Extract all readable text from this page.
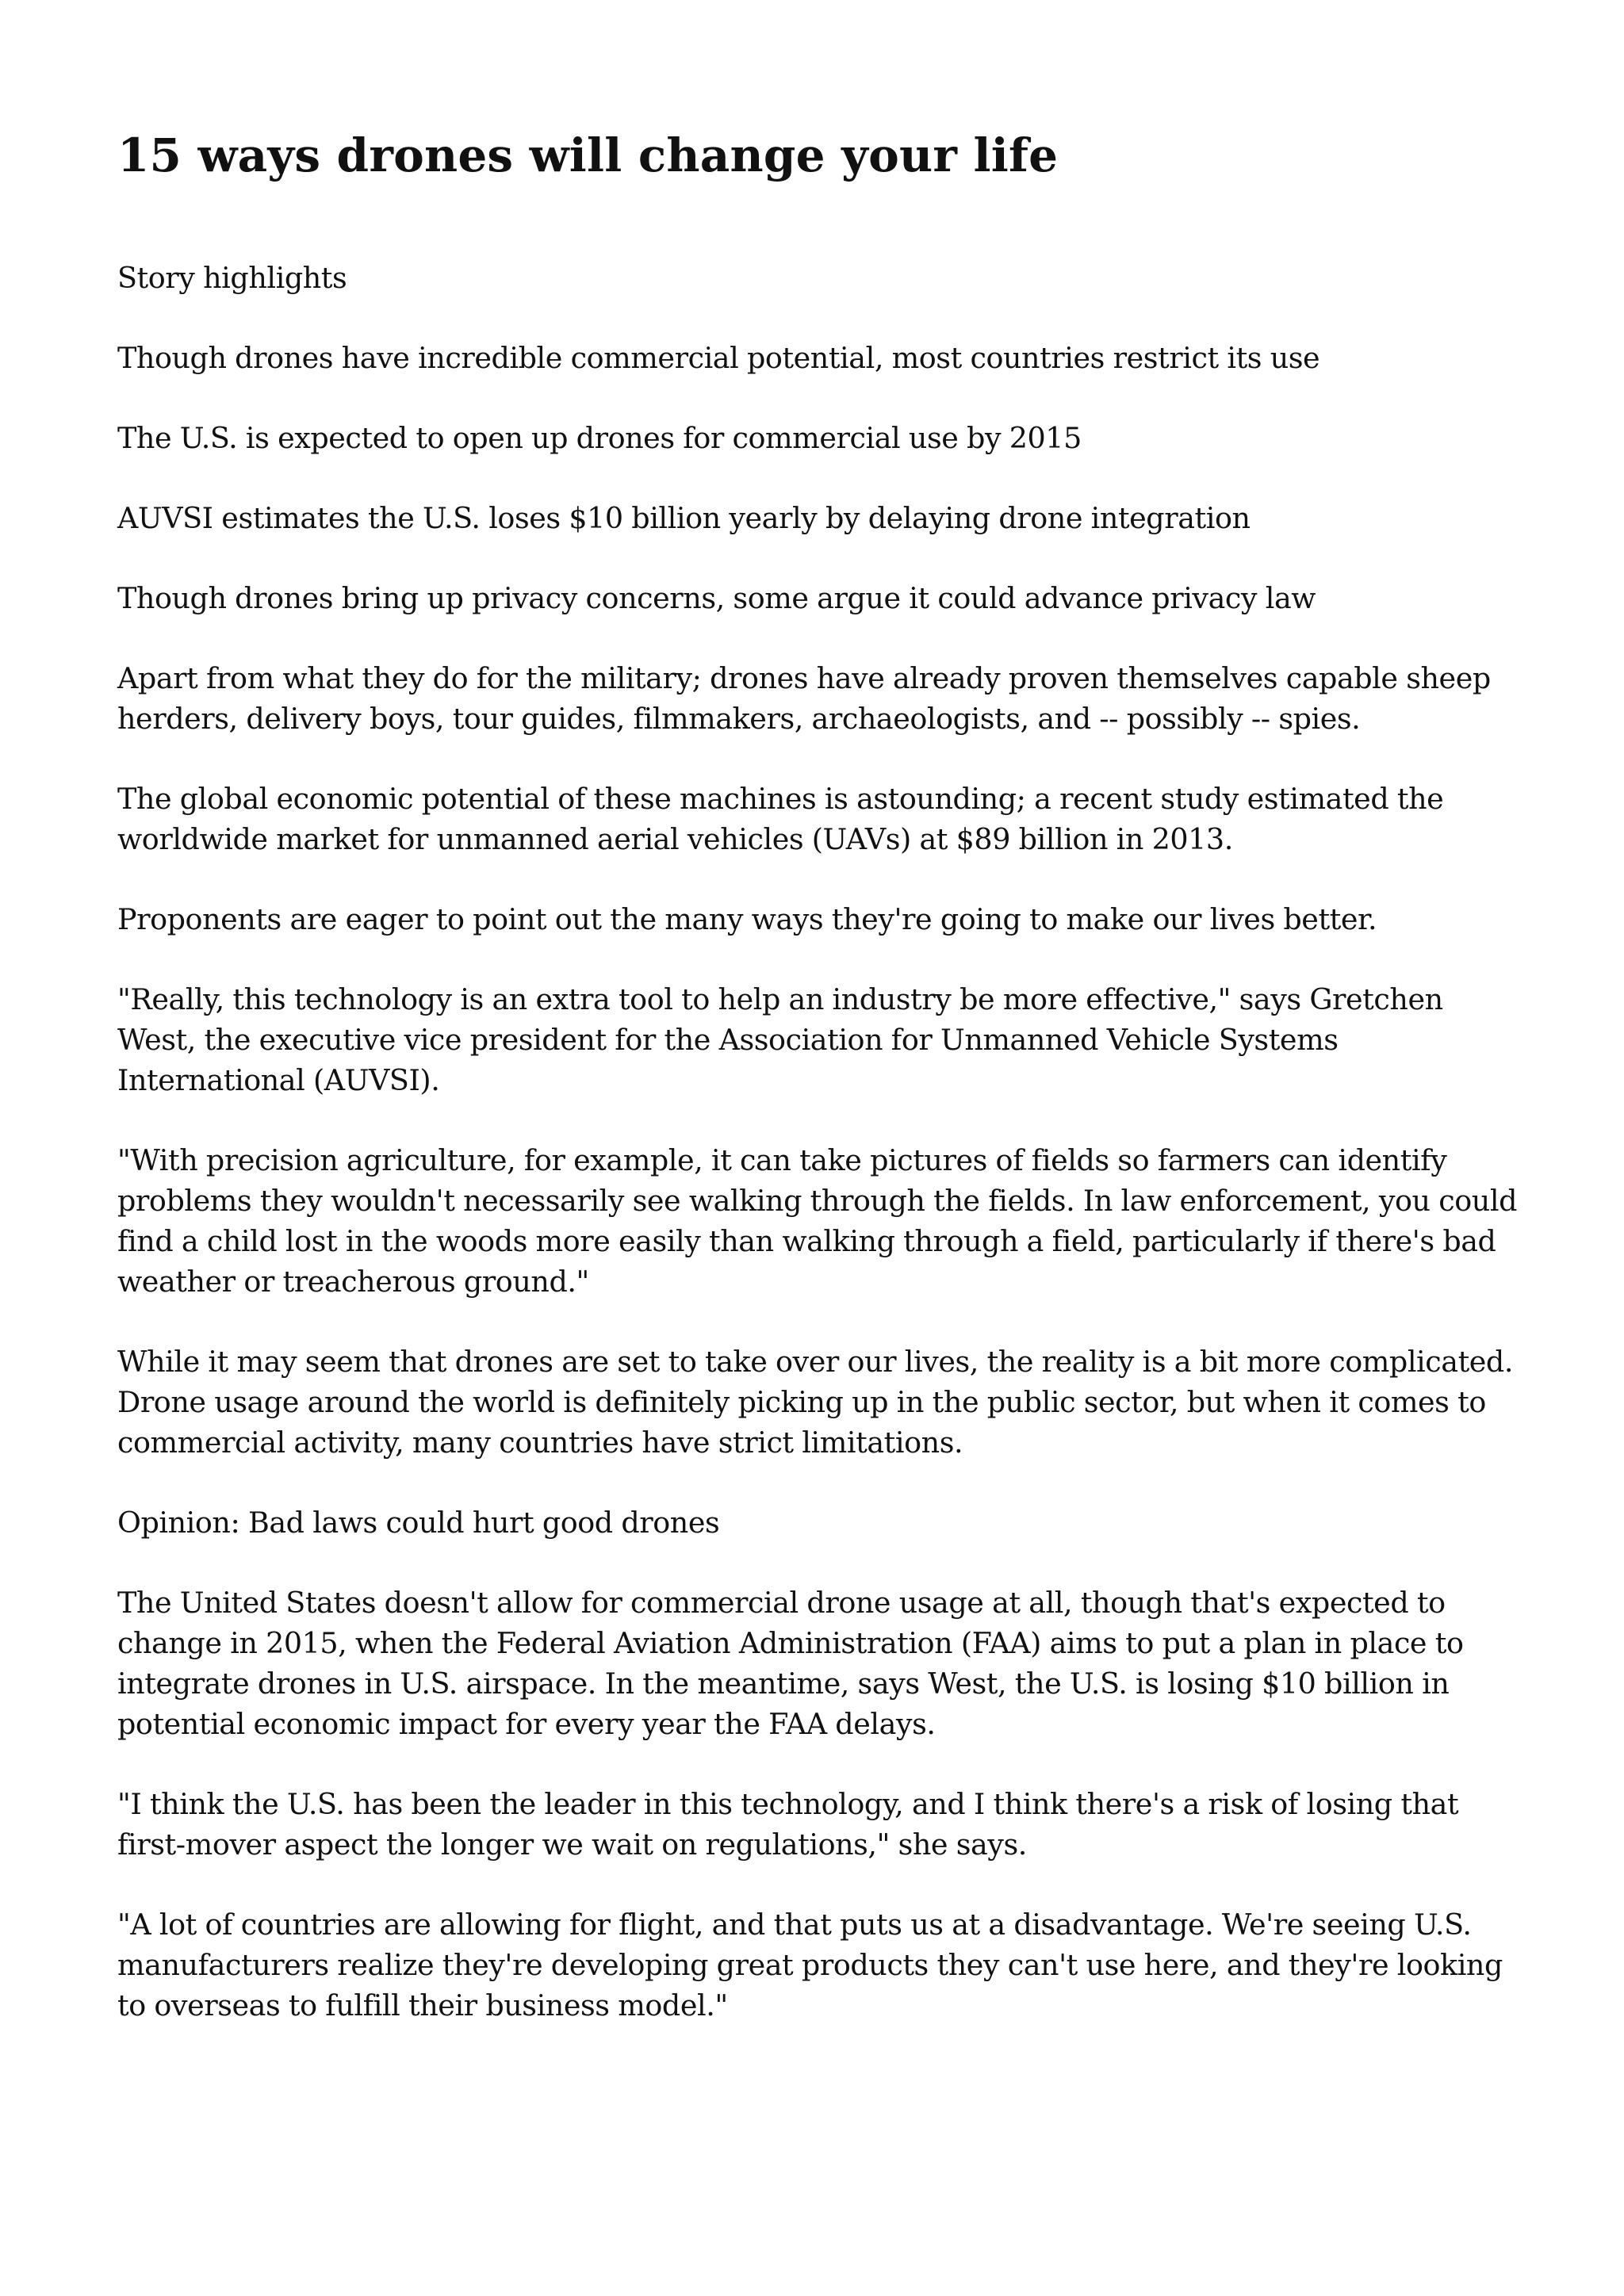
15 ways drones will change your life

Story highlights

Though drones have incredible commercial potential, most countries restrict its use

The U.S. is expected to open up drones for commercial use by 2015

AUVSI estimates the U.S. loses $10 billion yearly by delaying drone integration

Though drones bring up privacy concerns, some argue it could advance privacy law

Apart from what they do for the military; drones have already proven themselves capable sheep herders, delivery boys, tour guides, filmmakers, archaeologists, and -- possibly -- spies.

The global economic potential of these machines is astounding; a recent study estimated the worldwide market for unmanned aerial vehicles (UAVs) at $89 billion in 2013.

Proponents are eager to point out the many ways they're going to make our lives better.

"Really, this technology is an extra tool to help an industry be more effective," says Gretchen West, the executive vice president for the Association for Unmanned Vehicle Systems International (AUVSI).

"With precision agriculture, for example, it can take pictures of fields so farmers can identify problems they wouldn't necessarily see walking through the fields. In law enforcement, you could find a child lost in the woods more easily than walking through a field, particularly if there's bad weather or treacherous ground."

While it may seem that drones are set to take over our lives, the reality is a bit more complicated. Drone usage around the world is definitely picking up in the public sector, but when it comes to commercial activity, many countries have strict limitations.

Opinion: Bad laws could hurt good drones

The United States doesn't allow for commercial drone usage at all, though that's expected to change in 2015, when the Federal Aviation Administration (FAA) aims to put a plan in place to integrate drones in U.S. airspace. In the meantime, says West, the U.S. is losing $10 billion in potential economic impact for every year the FAA delays.

"I think the U.S. has been the leader in this technology, and I think there's a risk of losing that first-mover aspect the longer we wait on regulations," she says.

"A lot of countries are allowing for flight, and that puts us at a disadvantage. We're seeing U.S. manufacturers realize they're developing great products they can't use here, and they're looking to overseas to fulfill their business model."
